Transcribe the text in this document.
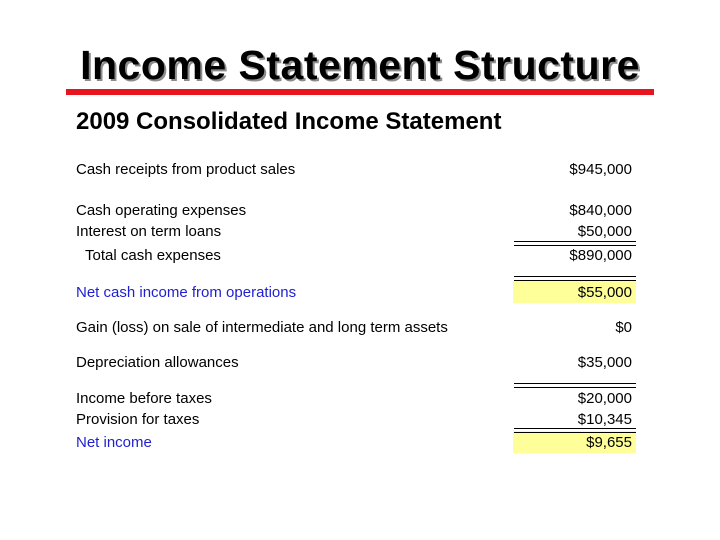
Income Statement Structure
2009 Consolidated Income Statement
Cash receipts from product sales	$945,000
Cash operating expenses	$840,000
Interest on term loans	$50,000
Total cash expenses	$890,000
Net cash income from operations	$55,000
Gain (loss) on sale of intermediate and long term assets	$0
Depreciation allowances	$35,000
Income before taxes	$20,000
Provision for taxes	$10,345
Net income	$9,655
